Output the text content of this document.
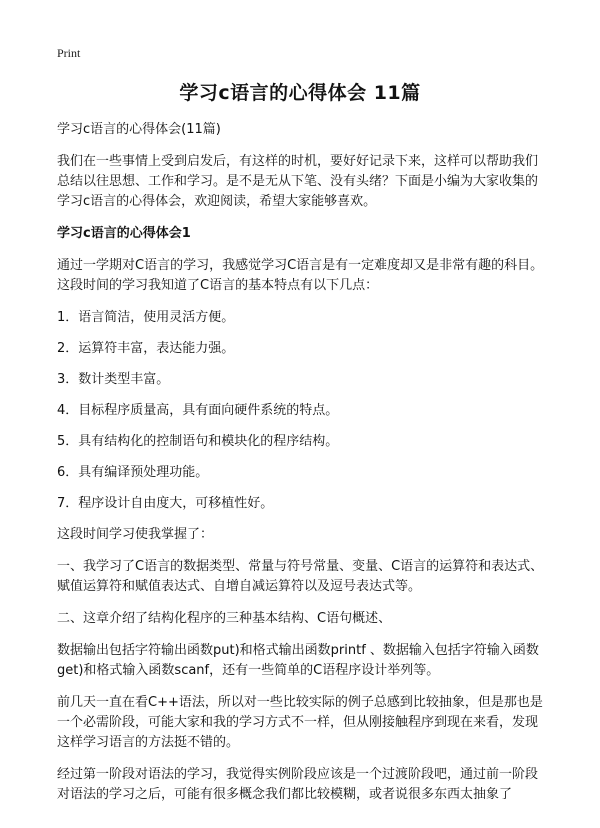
Print

学习c语言的心得体会 11篇

学习c语言的心得体会(11篇)

我们在一些事情上受到启发后，有这样的时机，要好好记录下来，这样可以帮助我们总结以往思想、工作和学习。是不是无从下笔、没有头绪？下面是小编为大家收集的学习c语言的心得体会，欢迎阅读，希望大家能够喜欢。

学习c语言的心得体会1

通过一学期对C语言的学习，我感觉学习C语言是有一定难度却又是非常有趣的科目。这段时间的学习我知道了C语言的基本特点有以下几点：

1．语言简洁，使用灵活方便。

2．运算符丰富，表达能力强。

3．数计类型丰富。

4．目标程序质量高，具有面向硬件系统的特点。

5．具有结构化的控制语句和模块化的程序结构。

6．具有编译预处理功能。

7．程序设计自由度大，可移植性好。

这段时间学习使我掌握了：

一、我学习了C语言的数据类型、常量与符号常量、变量、C语言的运算符和表达式、赋值运算符和赋值表达式、自增自减运算符以及逗号表达式等。

二、这章介绍了结构化程序的三种基本结构、C语句概述、

数据输出包括字符输出函数put)和格式输出函数printf 、数据输入包括字符输入函数get)和格式输入函数scanf，还有一些简单的C语程序设计举列等。

前几天一直在看C++语法，所以对一些比较实际的例子总感到比较抽象，但是那也是一个必需阶段，可能大家和我的学习方式不一样，但从刚接触程序到现在来看，发现这样学习语言的方法挺不错的。

经过第一阶段对语法的学习，我觉得实例阶段应该是一个过渡阶段吧，通过前一阶段对语法的学习之后，可能有很多概念我们都比较模糊，或者说很多东西太抽象了
